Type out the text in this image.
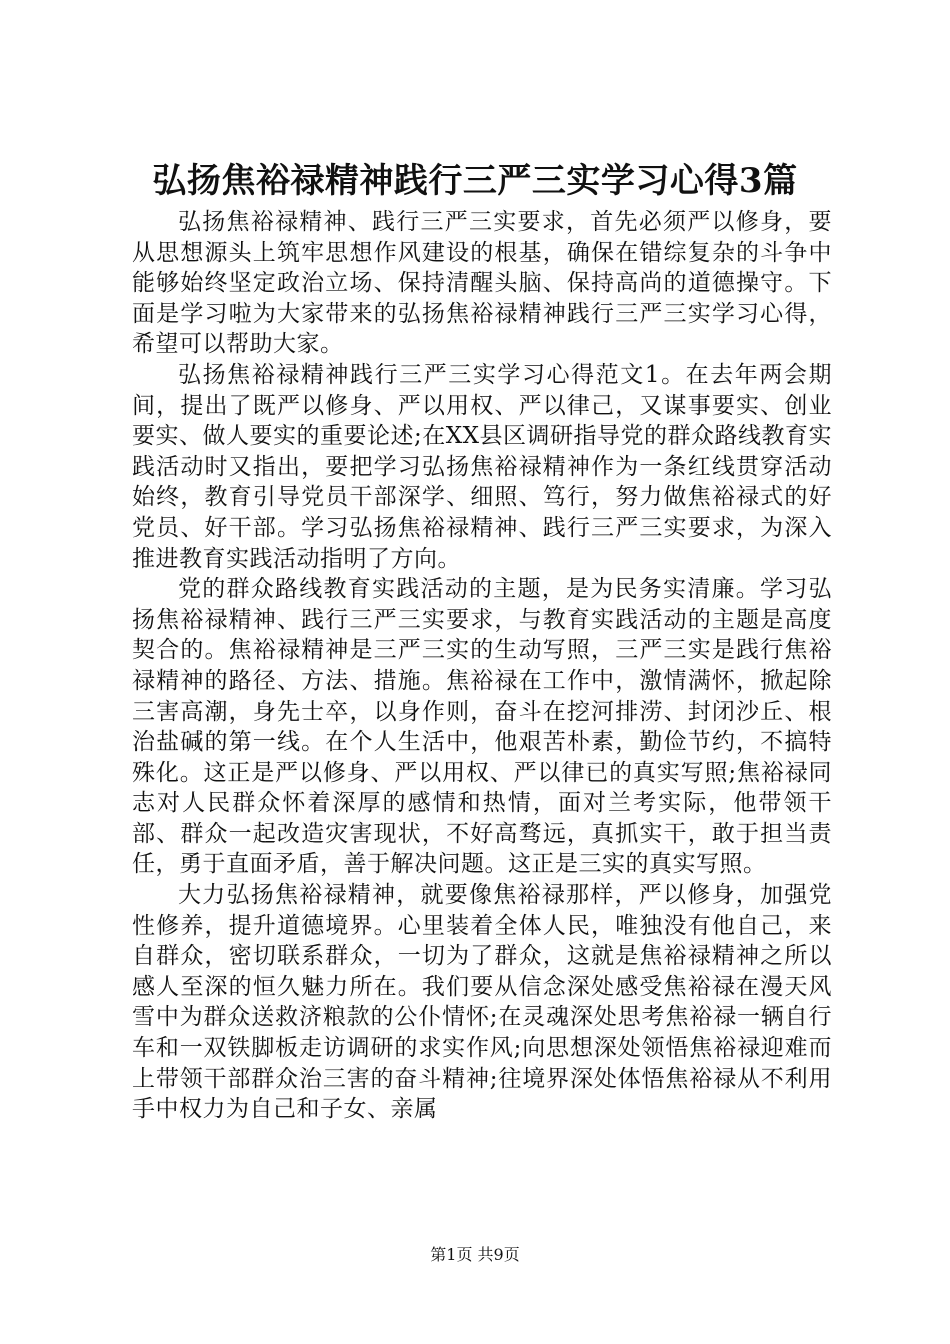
弘扬焦裕禄精神践行三严三实学习心得3篇

弘扬焦裕禄精神、践行三严三实要求，首先必须严以修身，要从思想源头上筑牢思想作风建设的根基，确保在错综复杂的斗争中能够始终坚定政治立场、保持清醒头脑、保持高尚的道德操守。下面是学习啦为大家带来的弘扬焦裕禄精神践行三严三实学习心得，希望可以帮助大家。

弘扬焦裕禄精神践行三严三实学习心得范文1。在去年两会期间，提出了既严以修身、严以用权、严以律己，又谋事要实、创业要实、做人要实的重要论述;在XX县区调研指导党的群众路线教育实践活动时又指出，要把学习弘扬焦裕禄精神作为一条红线贯穿活动始终，教育引导党员干部深学、细照、笃行，努力做焦裕禄式的好党员、好干部。学习弘扬焦裕禄精神、践行三严三实要求，为深入推进教育实践活动指明了方向。

党的群众路线教育实践活动的主题，是为民务实清廉。学习弘扬焦裕禄精神、践行三严三实要求，与教育实践活动的主题是高度契合的。焦裕禄精神是三严三实的生动写照，三严三实是践行焦裕禄精神的路径、方法、措施。焦裕禄在工作中，激情满怀，掀起除三害高潮，身先士卒，以身作则，奋斗在挖河排涝、封闭沙丘、根治盐碱的第一线。在个人生活中，他艰苦朴素，勤俭节约，不搞特殊化。这正是严以修身、严以用权、严以律已的真实写照;焦裕禄同志对人民群众怀着深厚的感情和热情，面对兰考实际，他带领干部、群众一起改造灾害现状，不好高骛远，真抓实干，敢于担当责任，勇于直面矛盾，善于解决问题。这正是三实的真实写照。

大力弘扬焦裕禄精神，就要像焦裕禄那样，严以修身，加强党性修养，提升道德境界。心里装着全体人民，唯独没有他自己，来自群众，密切联系群众，一切为了群众，这就是焦裕禄精神之所以感人至深的恒久魅力所在。我们要从信念深处感受焦裕禄在漫天风雪中为群众送救济粮款的公仆情怀;在灵魂深处思考焦裕禄一辆自行车和一双铁脚板走访调研的求实作风;向思想深处领悟焦裕禄迎难而上带领干部群众治三害的奋斗精神;往境界深处体悟焦裕禄从不利用手中权力为自己和子女、亲属

第1页 共9页
